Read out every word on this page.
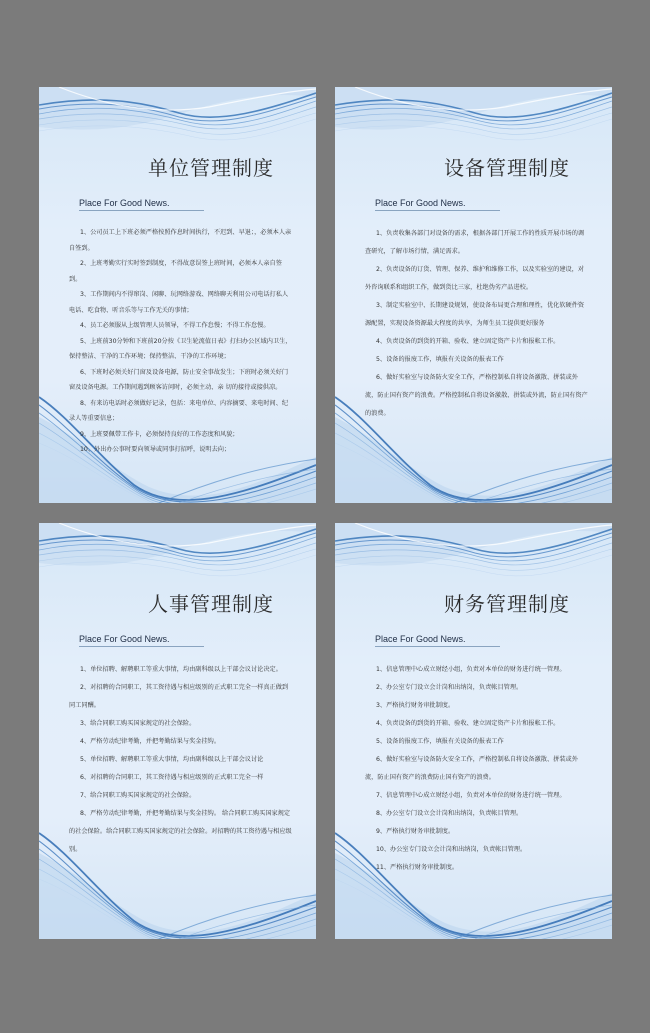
单位管理制度
Place For Good News.

1、公司员工上下班必须严格按照作息时间执行，不迟到、早退；，必须本人亲自签到。

2、上班考勤实行实时签到制度，不得故意误签上班时间，必须本人亲自签到。

3、工作期间内不得窜岗、闲聊、玩网络游戏、网络聊天利用公司电话打私人电话、吃食物、听音乐等与工作无关的事情；

4、员工必须服从上级管理人员领导，不得工作怠慢；不得工作怠慢。

5、上班前30分钟和下班前20分按《卫生轮流值日表》打扫办公区域内卫生，保持整洁、干净的工作环境；保持整洁、干净的工作环境；

6、下班时必须关好门窗及设备电源，防止安全事故发生；下班时必须关好门窗及设备电源。工作期间遇到顾客访问时，必须主动、亲 切的接待或接供凉。

8、有来访电话时必须做好记录，包括：来电单位、内容摘要、来电时间、纪录人等重要信息；

9、上班要佩带工作卡，必须保持良好的工作态度和风貌；

10、外出办公事时要向领导或同事打招呼，说明去向；

设备管理制度
Place For Good News.

1、负责收集各部门对设备的需求，根据各部门开展工作的性质开展市场的调查研究，了解市场行情，满足需求。

2、负责设备的订货、管理、保养、维护和维修工作，以及实验室的建设，对外咨询联系和组织工作，做到货比三家，杜绝伪劣产品进校。

3、制定实验室中、长期建设规划，使设备布局更合理和理性，优化软硬件资源配置，实现设备资源最大程度的共享，为师生员工提供更好服务

4、负责设备的到货的开箱、验收、建立固定资产卡片和报帐工作。

5、设备的报废工作，填报有关设备的报表工作

6、做好实验室与设备防火安全工作，严格控制私自将设备激散、拼装或外流，防止国有资产的浪费。严格控制私自将设备激散、拼装或外流，防止国有资产的浪费。

人事管理制度
Place For Good News.

1、单位招聘、解聘职工等重大事情，均由副科级以上干部会议讨论决定。

2、对招聘的合同职工，其工资待遇与相应级别的正式职工完全一样真正做到同工同酬。

3、给合同职工购买国家规定的社会保险。

4、严格劳动纪律考勤，并把考勤结果与奖金挂钩。

5、单位招聘、解聘职工等重大事情，均由副科级以上干部会议讨论

6、对招聘的合同职工，其工资待遇与相应级别的正式职工完全一样

7、给合同职工购买国家规定的社会保险。

8、严格劳动纪律考勤，并把考勤结果与奖金挂钩。 给合同职工购买国家规定的社会保险。给合同职工购买国家规定的社会保险。对招聘的其工资待遇与相应级别。

财务管理制度
Place For Good News.

1、信息管理中心成立财经小组，负责对本单位的财务进行统一管理。

2、办公室专门设立会计岗和出纳岗，负责帐目管理。

3、严格执行财务审批制度。

4、负责设备的到货的开箱、验收、建立固定资产卡片和报帐工作。

5、设备的报废工作，填报有关设备的报表工作

6、做好实验室与设备防火安全工作，严格控制私自将设备激散、拼装或外流，防止国有资产的浪费防止国有资产的浪费。

7、信息管理中心成立财经小组，负责对本单位的财务进行统一管理。

8、办公室专门设立会计岗和出纳岗，负责帐目管理。

9、严格执行财务审批制度。

10、办公室专门设立会计岗和出纳岗，负责帐目管理。

11、严格执行财务审批制度。
